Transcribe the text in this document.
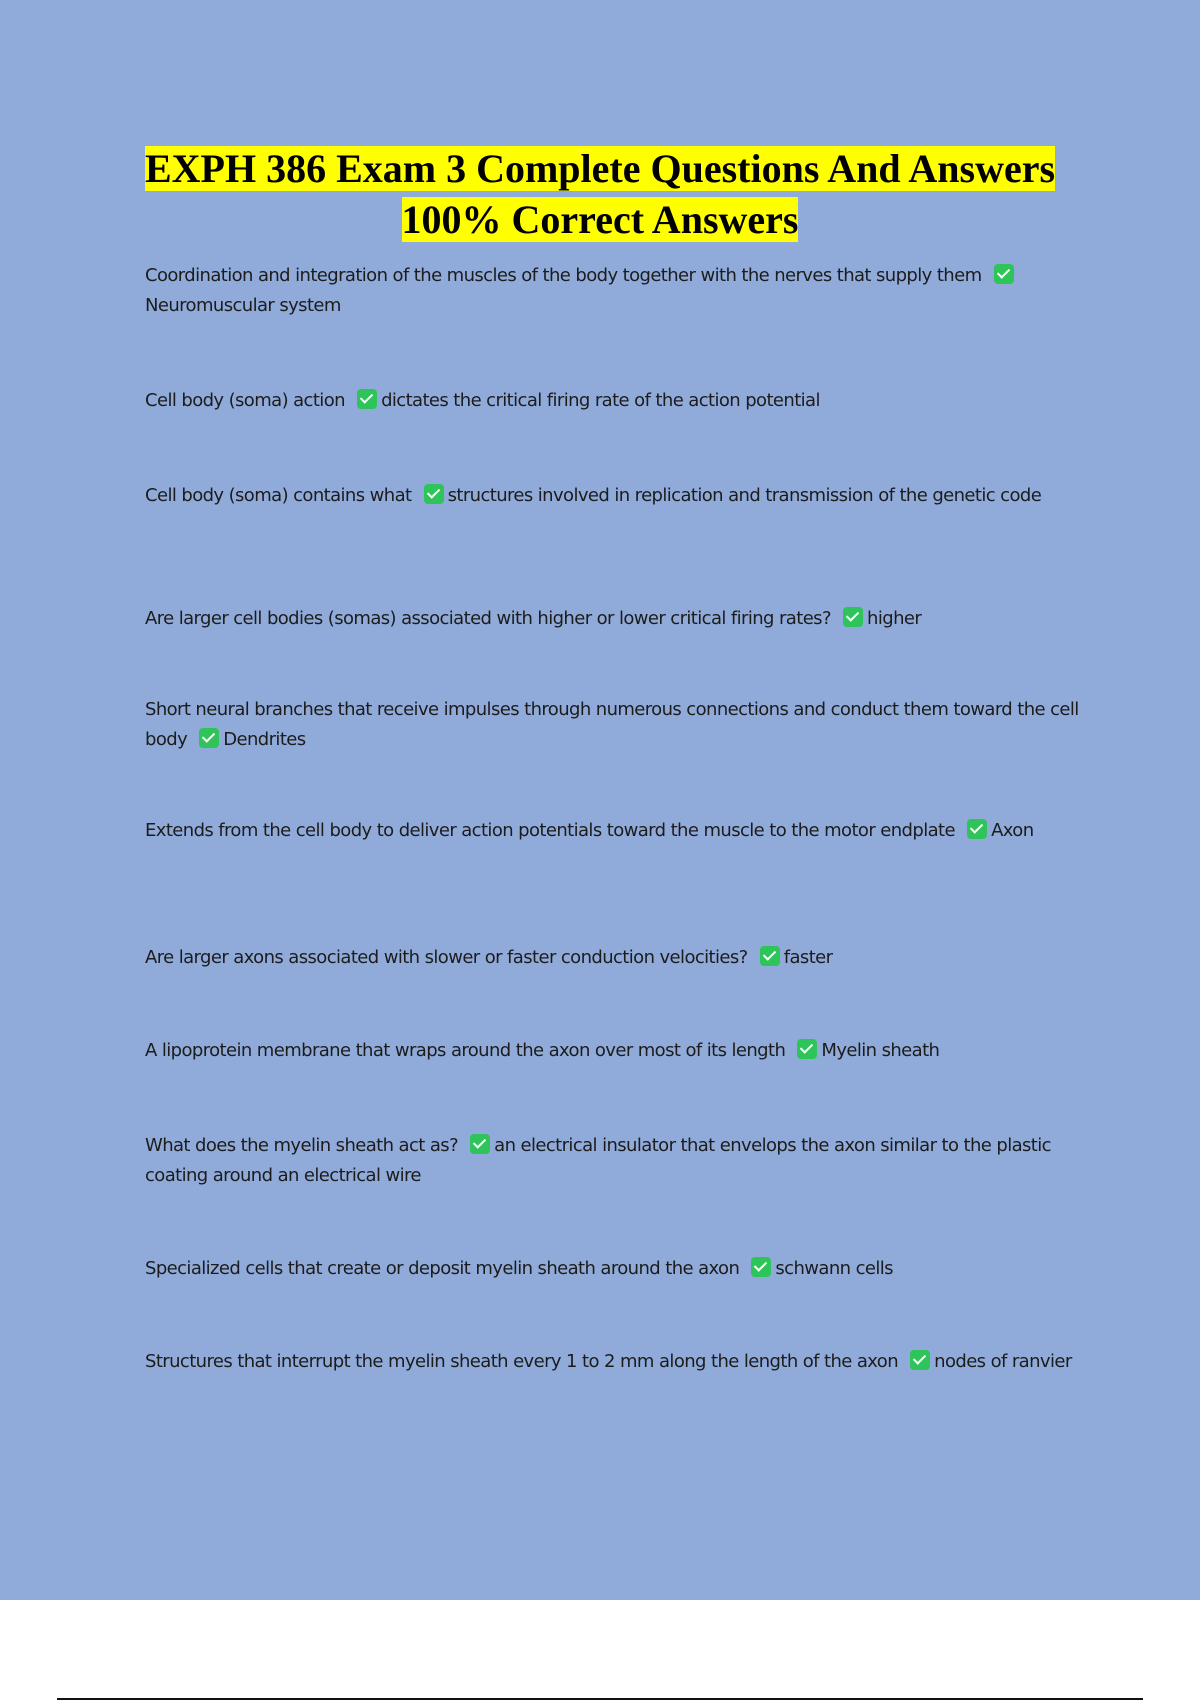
EXPH 386 Exam 3 Complete Questions And Answers
100% Correct Answers
Coordination and integration of the muscles of the body together with the nerves that supply them Neuromuscular system
Cell body (soma) action dictates the critical firing rate of the action potential
Cell body (soma) contains what structures involved in replication and transmission of the genetic code
Are larger cell bodies (somas) associated with higher or lower critical firing rates? higher
Short neural branches that receive impulses through numerous connections and conduct them toward the cell body Dendrites
Extends from the cell body to deliver action potentials toward the muscle to the motor endplate Axon
Are larger axons associated with slower or faster conduction velocities? faster
A lipoprotein membrane that wraps around the axon over most of its length Myelin sheath
What does the myelin sheath act as? an electrical insulator that envelops the axon similar to the plastic coating around an electrical wire
Specialized cells that create or deposit myelin sheath around the axon schwann cells
Structures that interrupt the myelin sheath every 1 to 2 mm along the length of the axon nodes of ranvier
